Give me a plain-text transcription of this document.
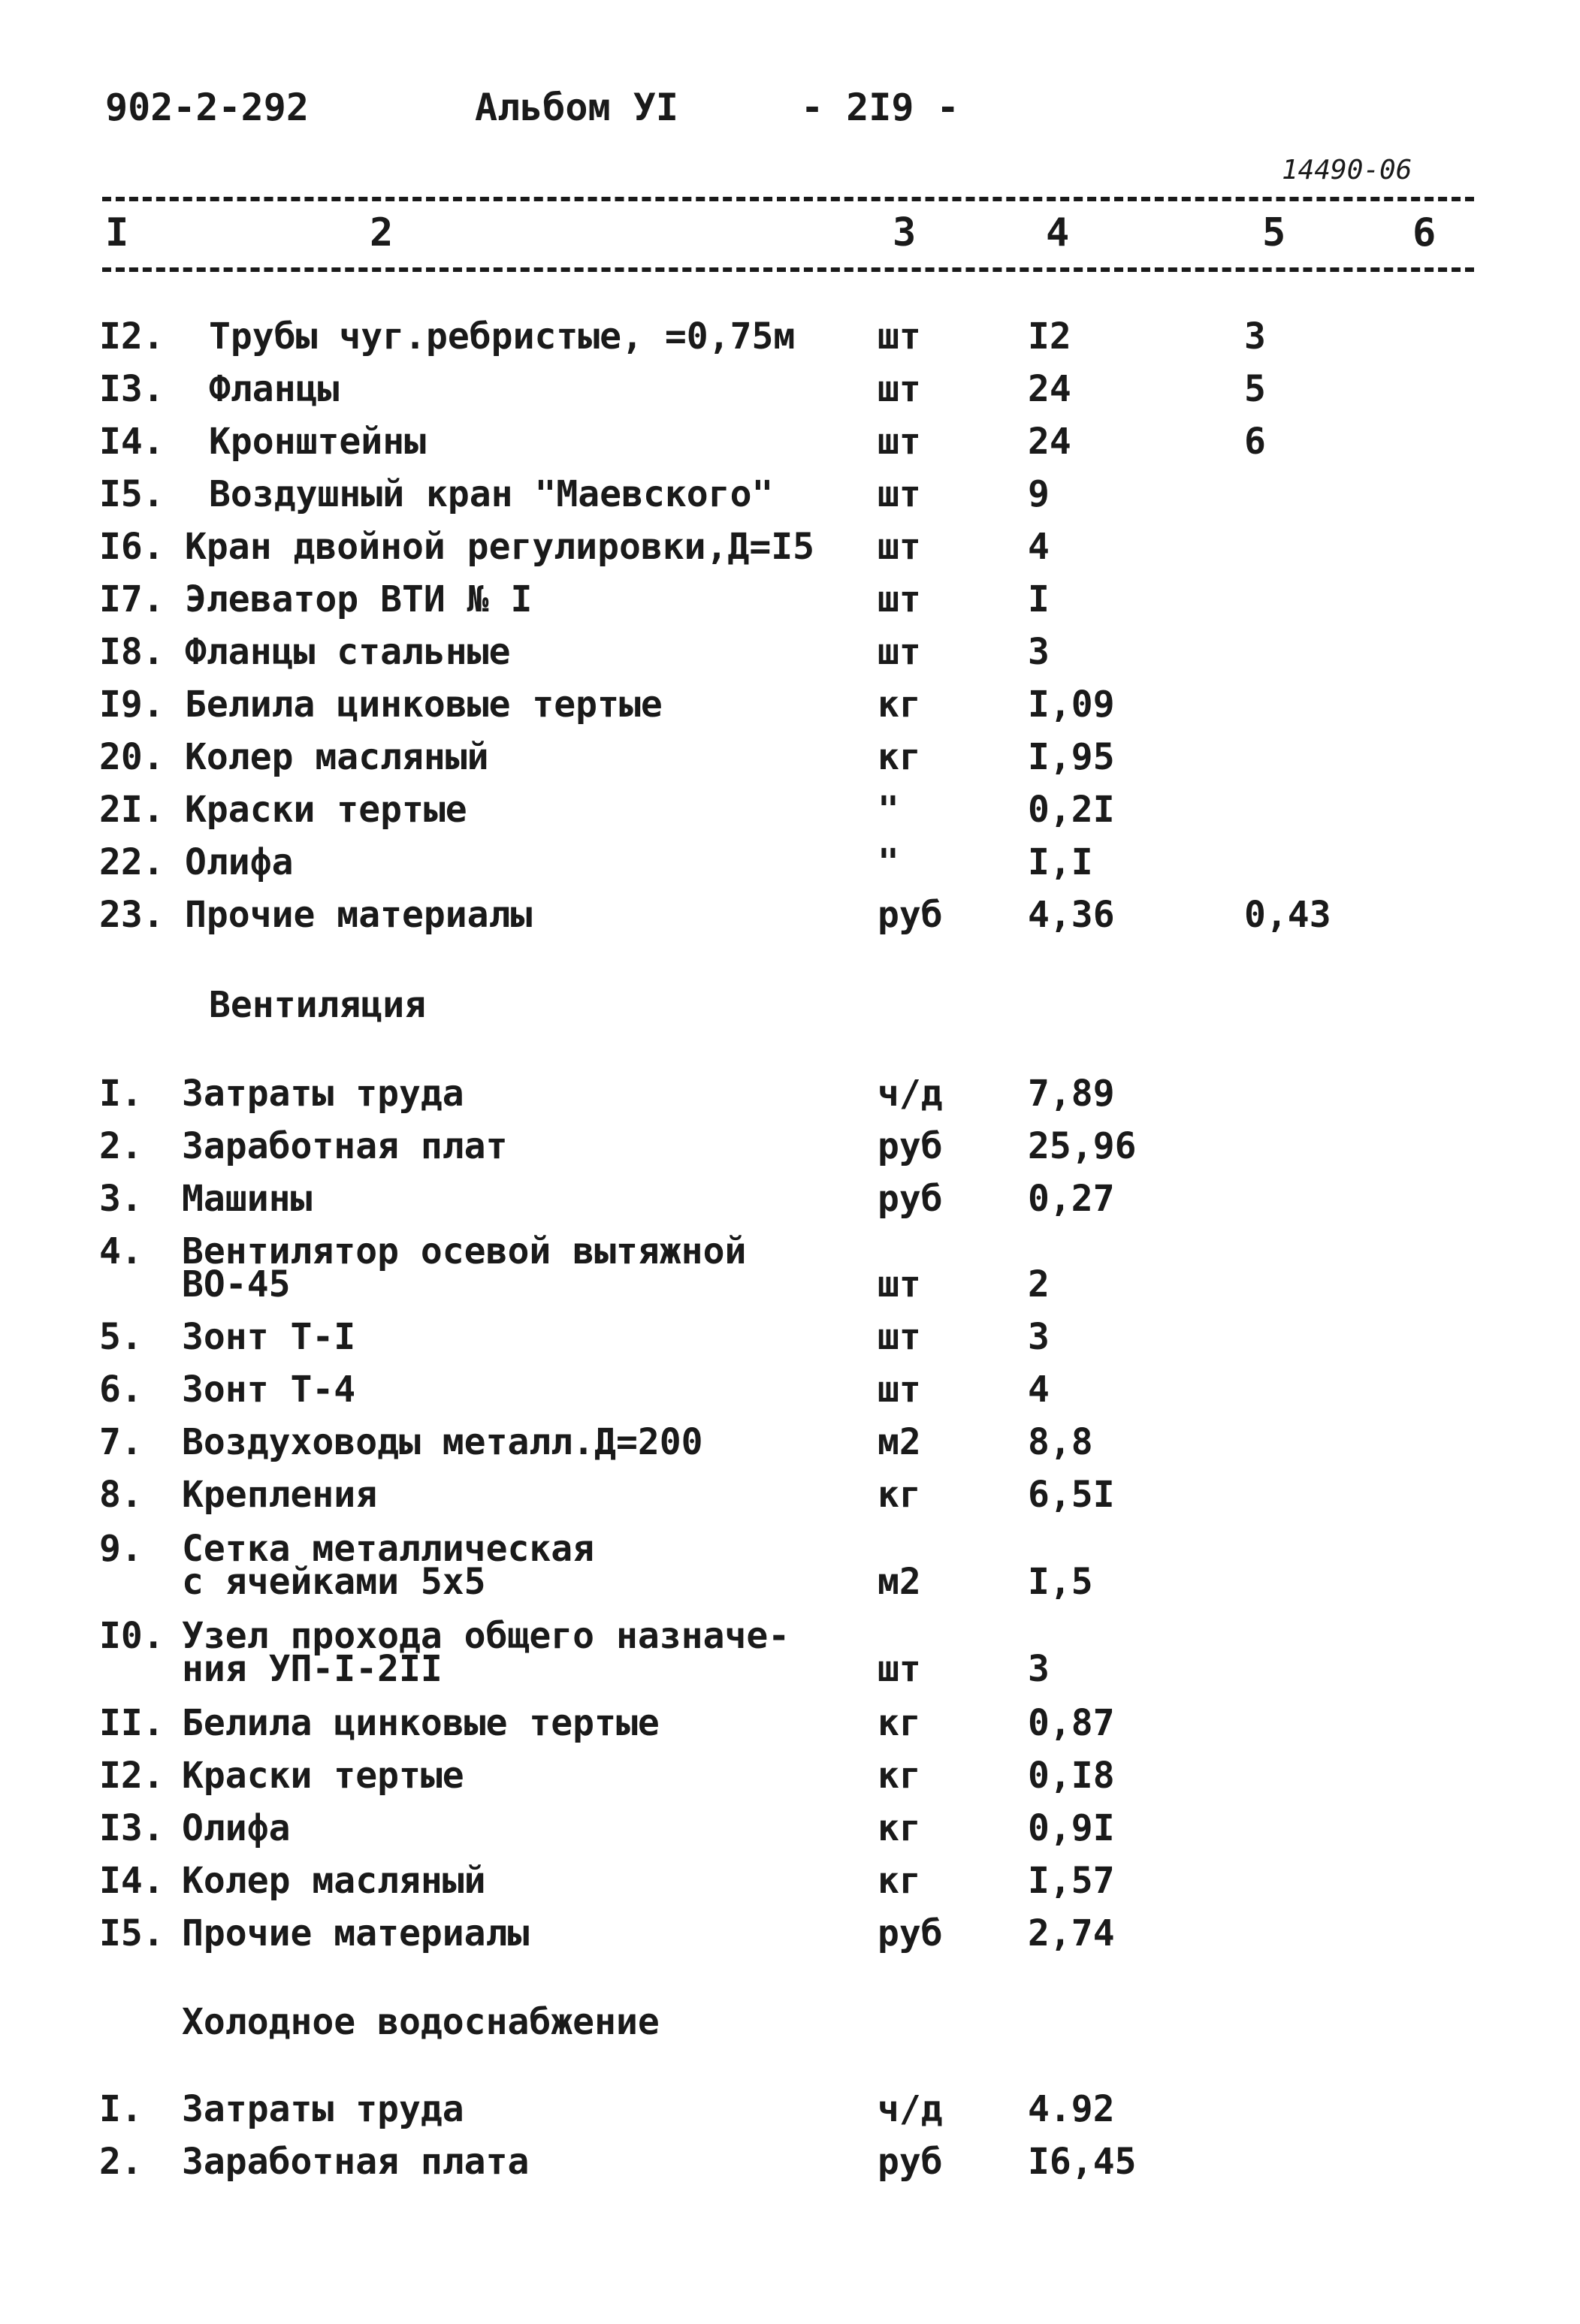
902-2-292	Альбом УI	- 2I9 -
14490-06
I	2	3	4	5	6
I2. Трубы чуг.ребристые, =0,75м шт	I2	3
I3. Фланцы	шт	24	5
I4. Кронштейны	шт	24	6
I5. Воздушный кран "Маевского"	шт	9
I6. Кран двойной регулировки,Д=I5 шт	4
I7. Элеватор ВТИ № I	шт	I
I8. Фланцы стальные	шт	3
I9. Белила цинковые тертые	кг	I,09
20. Колер масляный	кг	I,95
2I. Краски тертые	"	0,2I
22. Олифа	"	I,I
23. Прочие материалы	руб 4,36	0,43
Вентиляция
I. Затраты труда	ч/д 7,89
2. Заработная плат	руб 25,96
3. Машины	руб 0,27
4. Вентилятор осевой вытяжной
ВО-45	шт	2
5. Зонт Т-I	шт	3
6. Зонт Т-4	шт	4
7. Воздуховоды металл.Д=200	м2	8,8
8. Крепления	кг	6,5I
9. Сетка металлическая
с ячейками 5х5	м2	I,5
I0. Узел прохода общего назначе-
ния УП-I-2II	шт	3
II. Белила цинковые тертые	кг	0,87
I2. Краски тертые	кг	0,I8
I3. Олифа	кг	0,9I
I4. Колер масляный	кг	I,57
I5. Прочие материалы	руб 2,74
Холодное водоснабжение
I. Затраты труда	ч/д 4.92
2. Заработная плата	руб I6,45
